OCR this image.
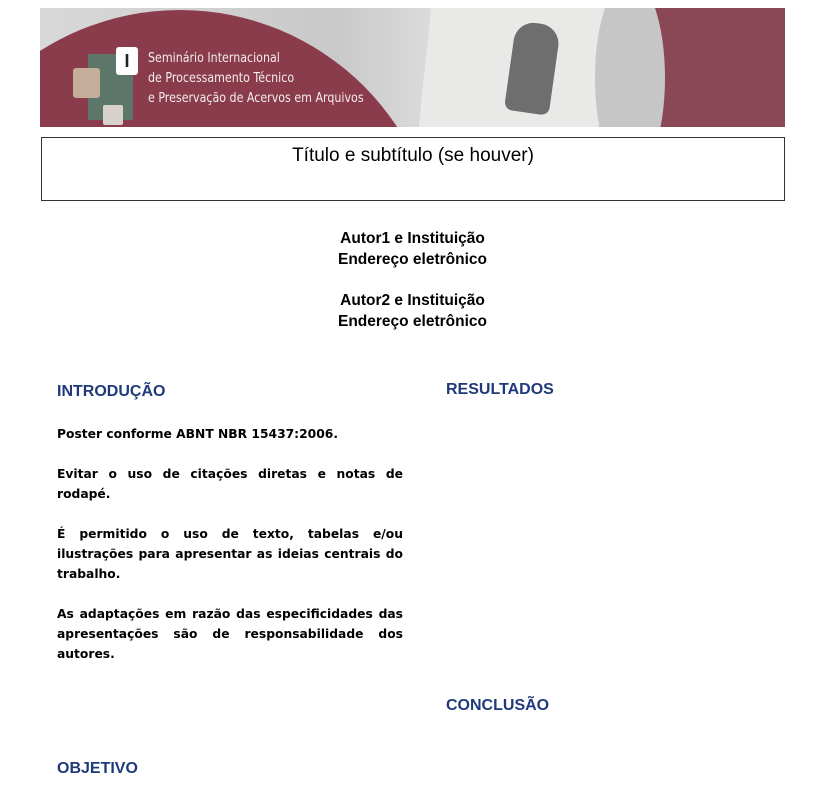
I	Seminário Internacional
de Processamento Técnico
e Preservação de Acervos em Arquivos
Título e subtítulo (se houver)
Autor1 e Instituição
Endereço eletrônico
Autor2 e Instituição
Endereço eletrônico
INTRODUÇÃO	RESULTADOS
CONCLUSÃO
OBJETIVO

Poster conforme ABNT NBR 15437:2006.

Evitar o uso de citações diretas e notas de rodapé.

É permitido o uso de texto, tabelas e/ou ilustrações para apresentar as ideias centrais do trabalho.

As adaptações em razão das especificidades das apresentações são de responsabilidade dos autores.
